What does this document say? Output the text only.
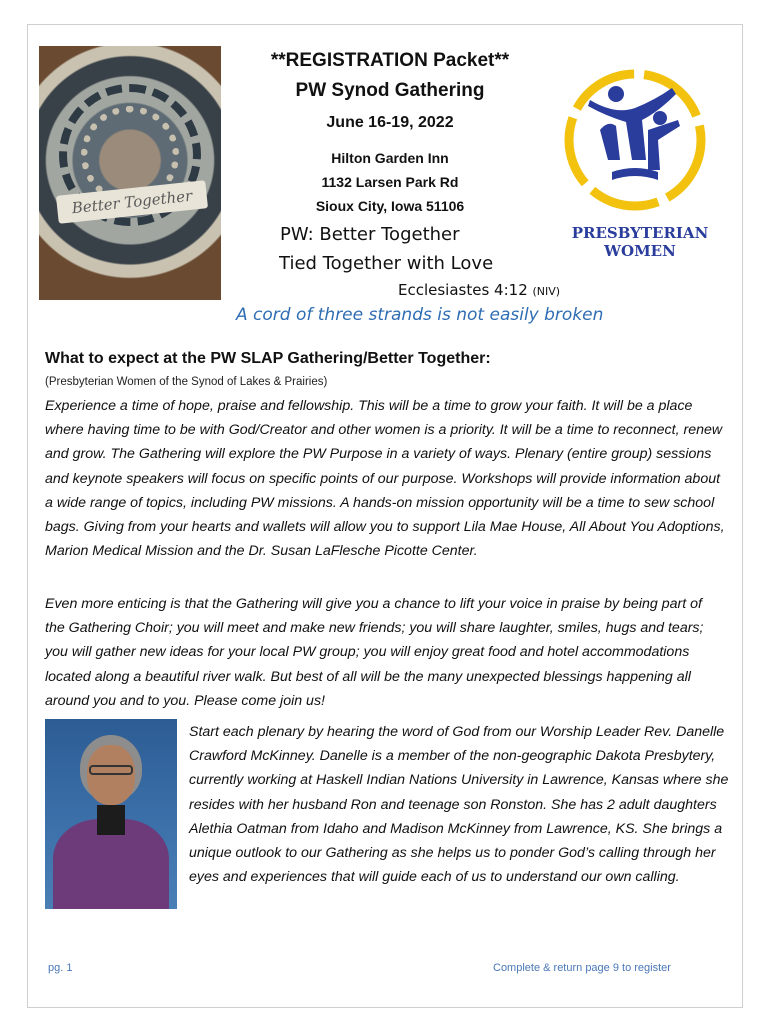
Better Together
**REGISTRATION Packet**
PW Synod Gathering
June 16-19, 2022
Hilton Garden Inn
1132 Larsen Park Rd
Sioux City, Iowa 51106
PW: Better Together
Tied Together with Love
Ecclesiastes 4:12 (NIV)
A cord of three strands is not easily broken
PRESBYTERIAN
WOMEN
What to expect at the PW SLAP Gathering/Better Together:
(Presbyterian Women of the Synod of Lakes & Prairies)

Experience a time of hope, praise and fellowship. This will be a time to grow your faith. It will be a place where having time to be with God/Creator and other women is a priority. It will be a time to reconnect, renew and grow. The Gathering will explore the PW Purpose in a variety of ways. Plenary (entire group) sessions and keynote speakers will focus on specific points of our purpose. Workshops will provide information about a wide range of topics, including PW missions. A hands-on mission opportunity will be a time to sew school bags. Giving from your hearts and wallets will allow you to support Lila Mae House, All About You Adoptions, Marion Medical Mission and the Dr. Susan LaFlesche Picotte Center.

Even more enticing is that the Gathering will give you a chance to lift your voice in praise by being part of the Gathering Choir; you will meet and make new friends; you will share laughter, smiles, hugs and tears; you will gather new ideas for your local PW group; you will enjoy great food and hotel accommodations located along a beautiful river walk. But best of all will be the many unexpected blessings happening all around you and to you. Please come join us!

Start each plenary by hearing the word of God from our Worship Leader Rev. Danelle Crawford McKinney. Danelle is a member of the non-geographic Dakota Presbytery, currently working at Haskell Indian Nations University in Lawrence, Kansas where she resides with her husband Ron and teenage son Ronston. She has 2 adult daughters Alethia Oatman from Idaho and Madison McKinney from Lawrence, KS. She brings a unique outlook to our Gathering as she helps us to ponder God’s calling through her eyes and experiences that will guide each of us to understand our own calling.

pg. 1	Complete & return page 9 to register
